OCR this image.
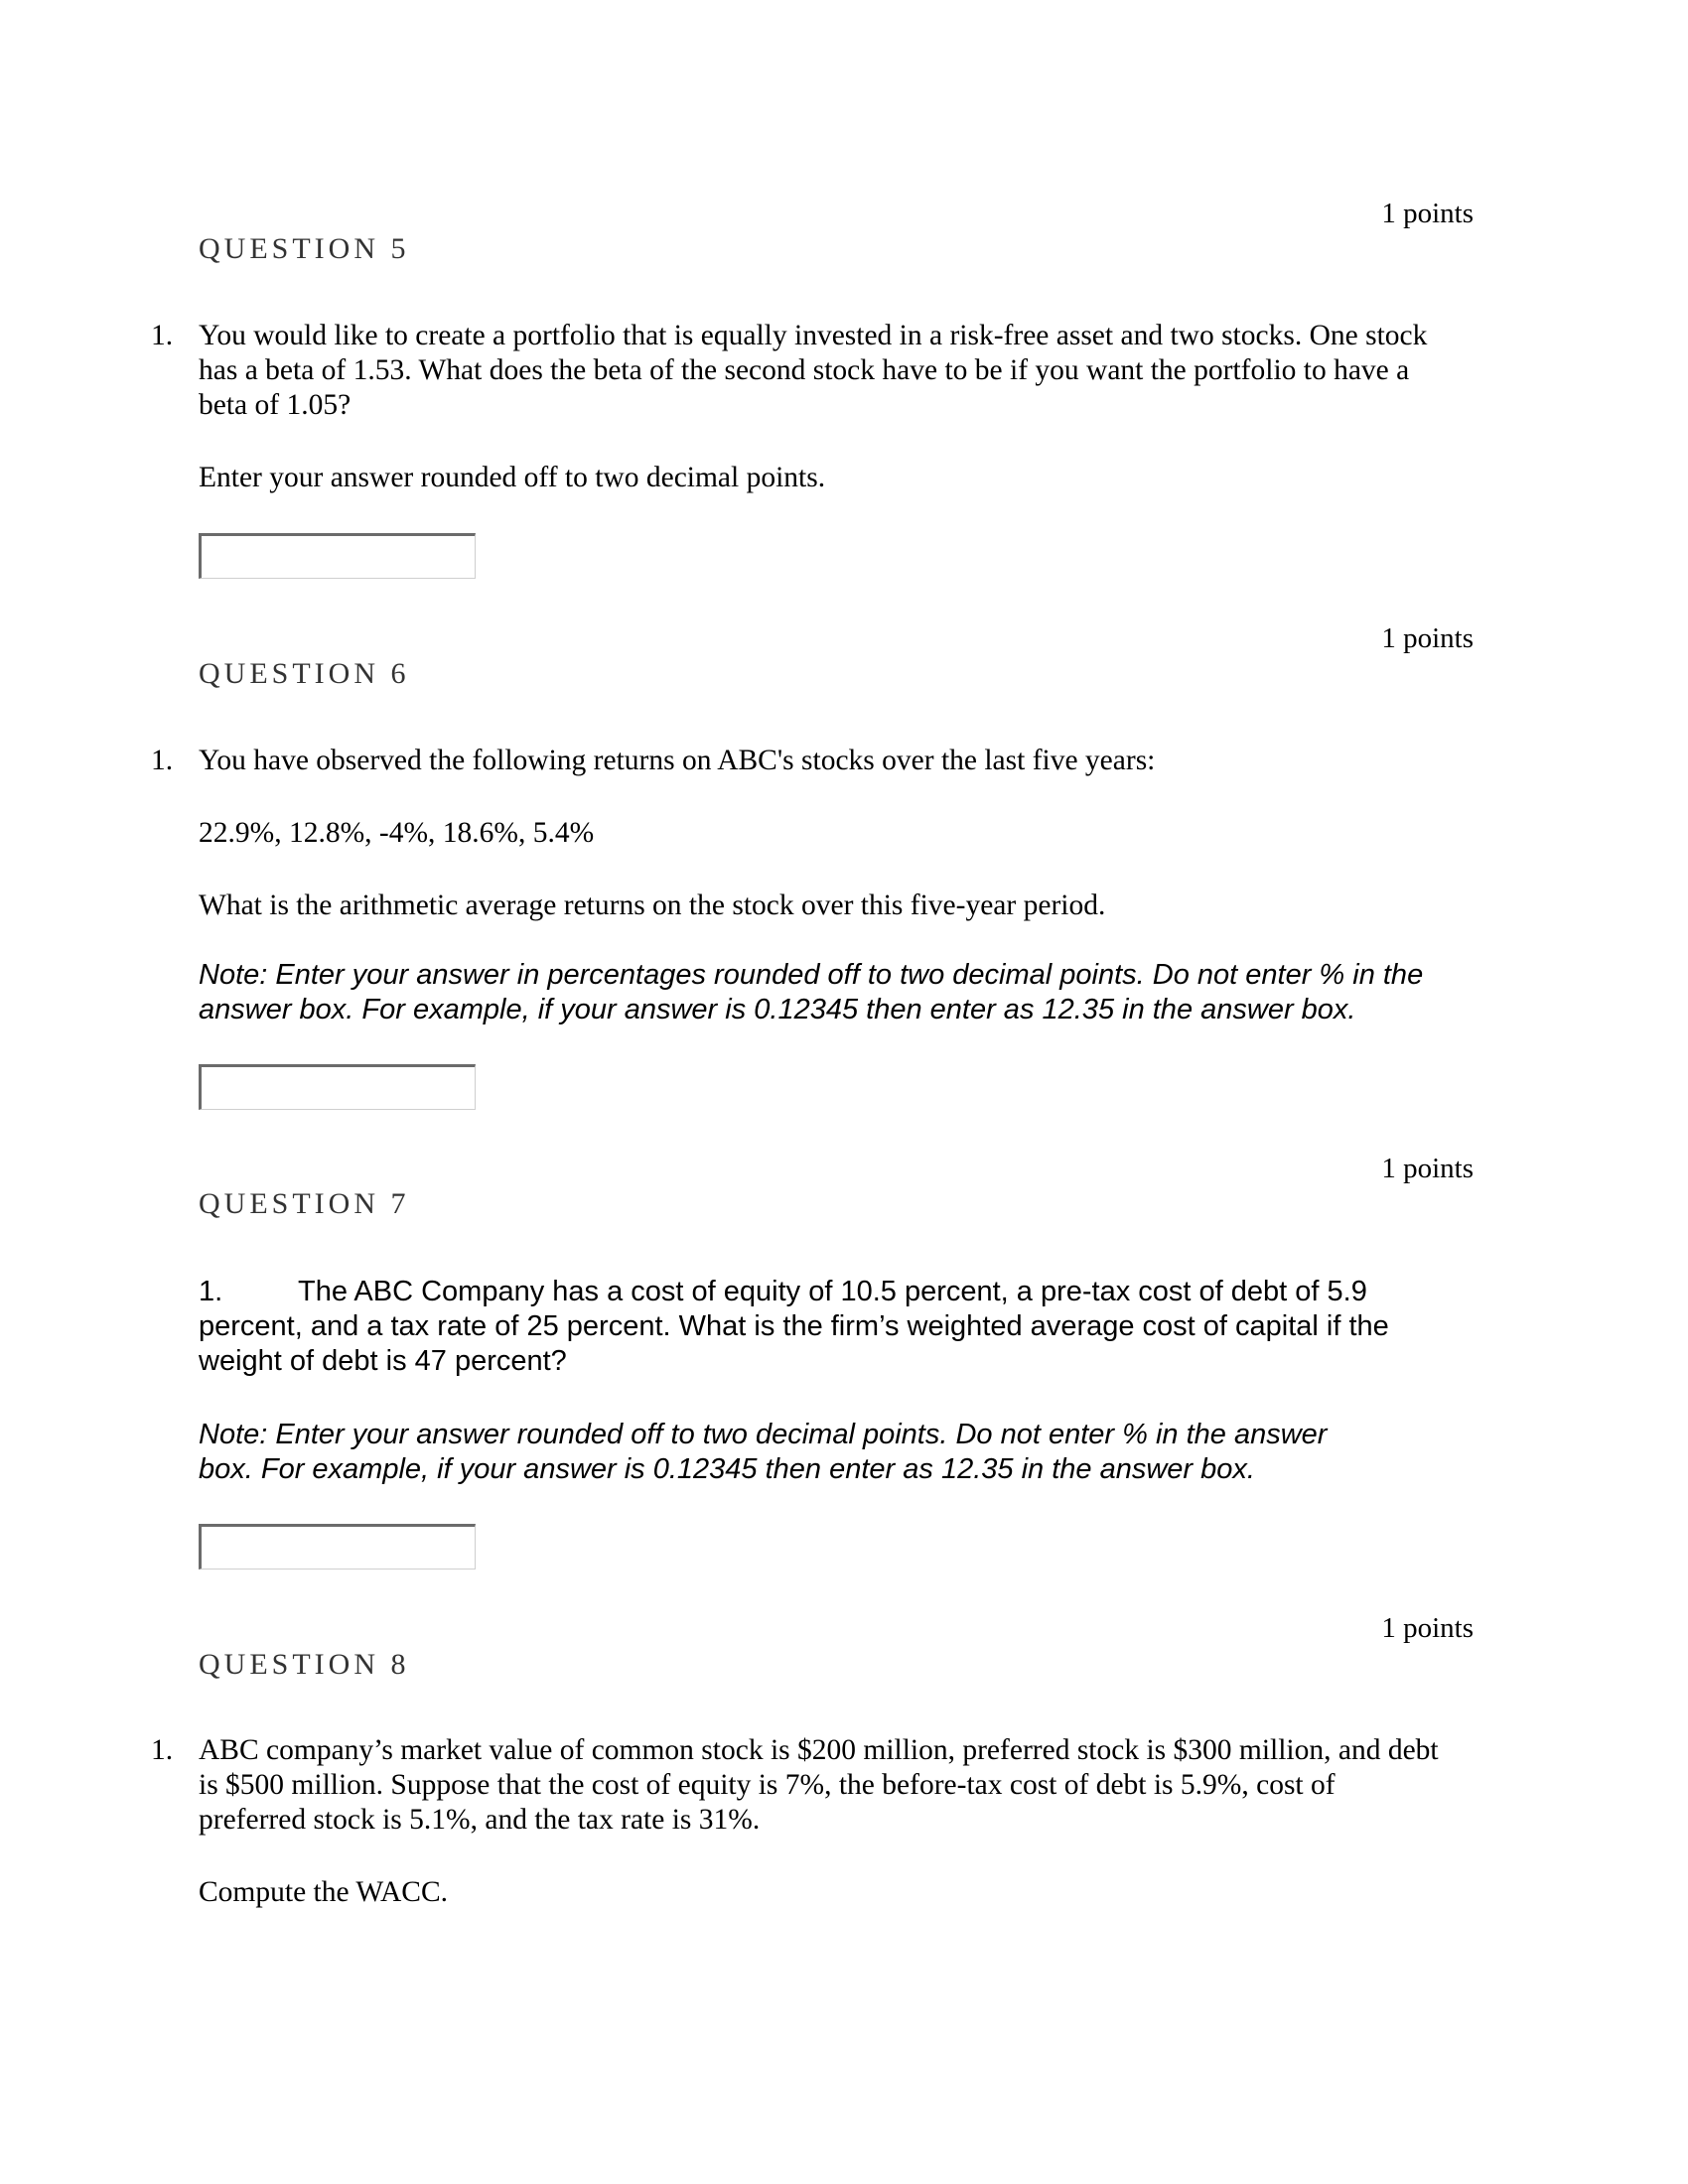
1 points
QUESTION 5
1. You would like to create a portfolio that is equally invested in a risk-free asset and two stocks. One stock
has a beta of 1.53. What does the beta of the second stock have to be if you want the portfolio to have a
beta of 1.05?
Enter your answer rounded off to two decimal points.
1 points
QUESTION 6
1. You have observed the following returns on ABC's stocks over the last five years:
22.9%, 12.8%, -4%, 18.6%, 5.4%
What is the arithmetic average returns on the stock over this five-year period.
Note: Enter your answer in percentages rounded off to two decimal points. Do not enter % in the
answer box. For example, if your answer is 0.12345 then enter as 12.35 in the answer box.
1 points
QUESTION 7
1.	The ABC Company has a cost of equity of 10.5 percent, a pre-tax cost of debt of 5.9
percent, and a tax rate of 25 percent. What is the firm’s weighted average cost of capital if the
weight of debt is 47 percent?
Note: Enter your answer rounded off to two decimal points. Do not enter % in the answer
box. For example, if your answer is 0.12345 then enter as 12.35 in the answer box.
1 points
QUESTION 8
1. ABC company’s market value of common stock is $200 million, preferred stock is $300 million, and debt
is $500 million. Suppose that the cost of equity is 7%, the before-tax cost of debt is 5.9%, cost of
preferred stock is 5.1%, and the tax rate is 31%.
Compute the WACC.
